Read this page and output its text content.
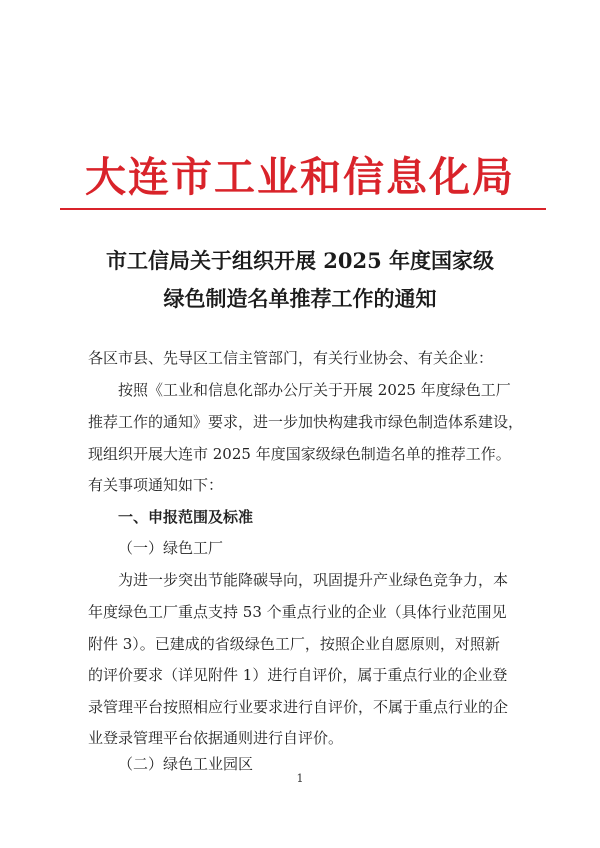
大连市工业和信息化局
市工信局关于组织开展 2025 年度国家级
绿色制造名单推荐工作的通知
各区市县、先导区工信主管部门，有关行业协会、有关企业：
按照《工业和信息化部办公厅关于开展 2025 年度绿色工厂
推荐工作的通知》要求，进一步加快构建我市绿色制造体系建设，
现组织开展大连市 2025 年度国家级绿色制造名单的推荐工作。
有关事项通知如下：
一、申报范围及标准
（一）绿色工厂
为进一步突出节能降碳导向，巩固提升产业绿色竞争力，本
年度绿色工厂重点支持 53 个重点行业的企业（具体行业范围见
附件 3）。已建成的省级绿色工厂，按照企业自愿原则，对照新
的评价要求（详见附件 1）进行自评价，属于重点行业的企业登
录管理平台按照相应行业要求进行自评价，不属于重点行业的企
业登录管理平台依据通则进行自评价。
（二）绿色工业园区
1
